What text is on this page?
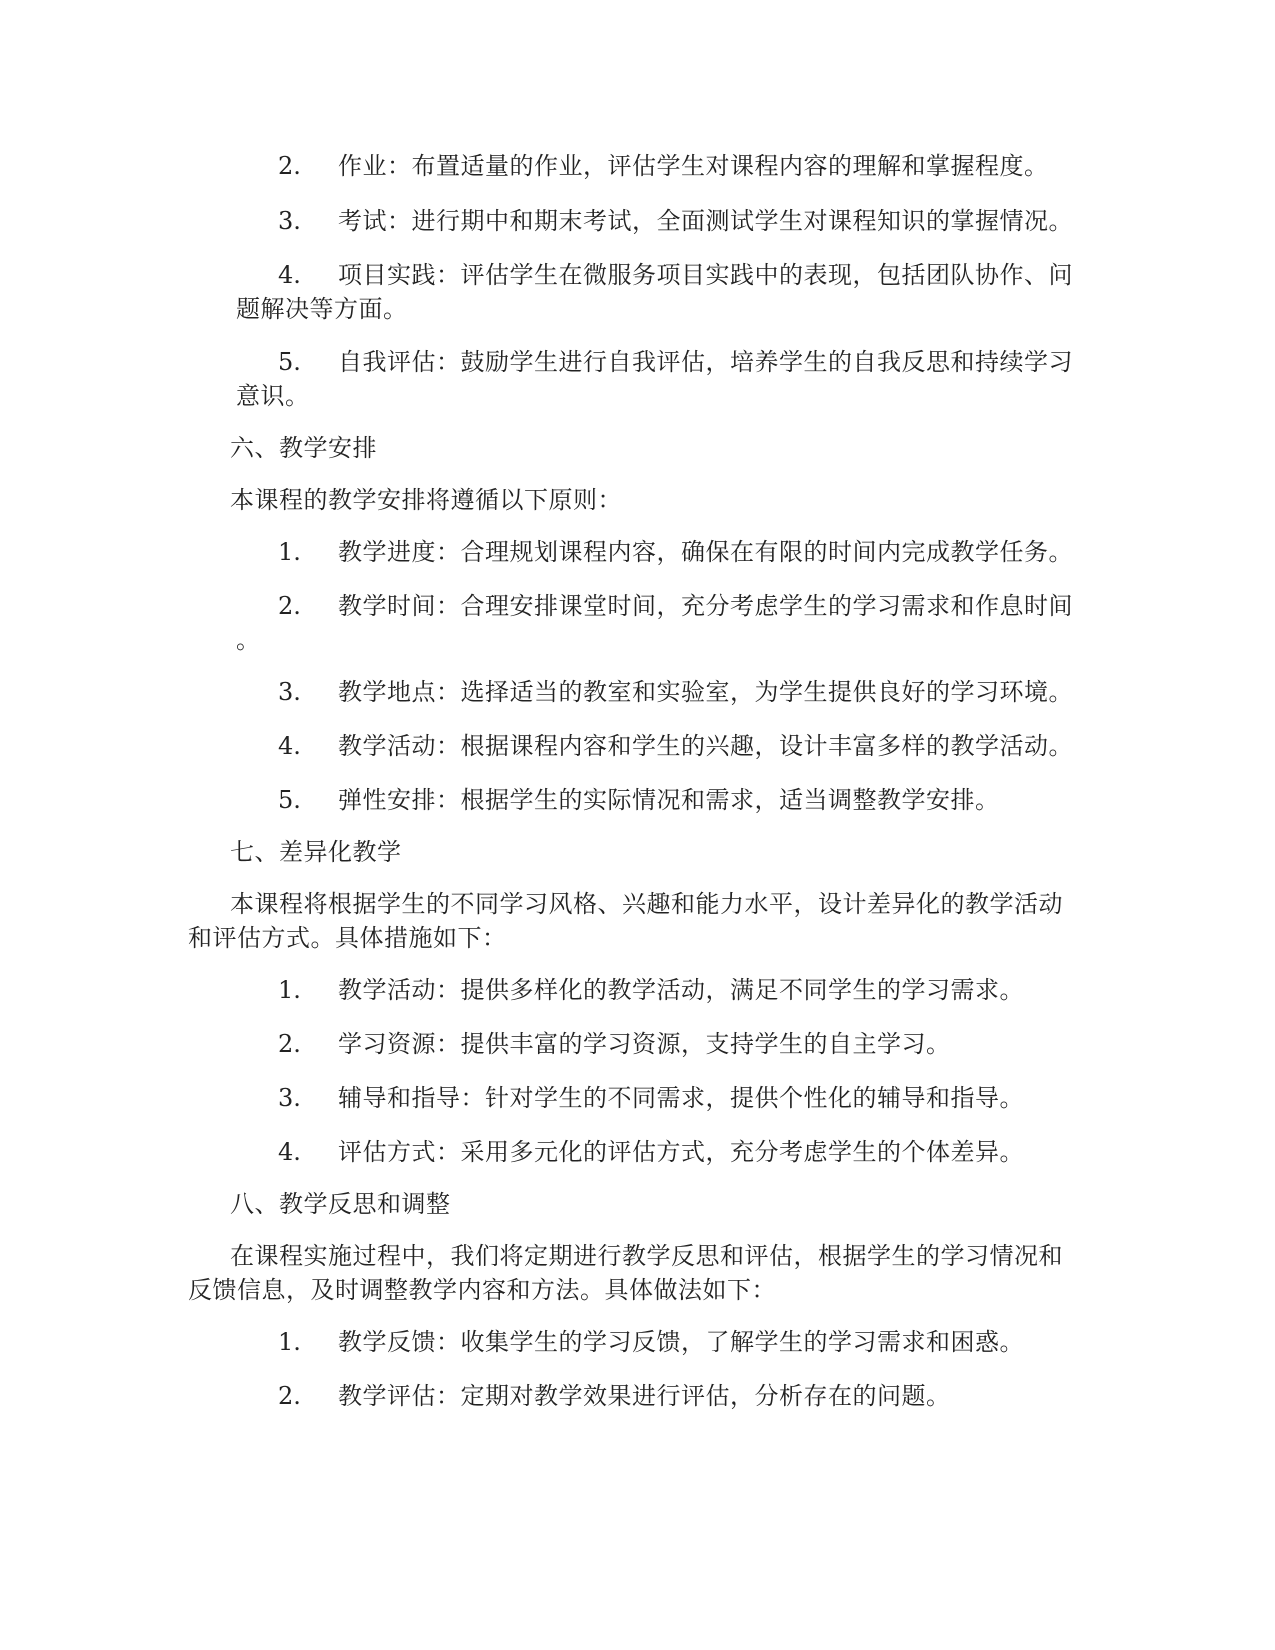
2. 作业：布置适量的作业，评估学生对课程内容的理解和掌握程度。
3. 考试：进行期中和期末考试，全面测试学生对课程知识的掌握情况。
4. 项目实践：评估学生在微服务项目实践中的表现，包括团队协作、问
题解决等方面。
5. 自我评估：鼓励学生进行自我评估，培养学生的自我反思和持续学习
意识。
六、教学安排
本课程的教学安排将遵循以下原则：
1. 教学进度：合理规划课程内容，确保在有限的时间内完成教学任务。
2. 教学时间：合理安排课堂时间，充分考虑学生的学习需求和作息时间
。
3. 教学地点：选择适当的教室和实验室，为学生提供良好的学习环境。
4. 教学活动：根据课程内容和学生的兴趣，设计丰富多样的教学活动。
5. 弹性安排：根据学生的实际情况和需求，适当调整教学安排。
七、差异化教学
本课程将根据学生的不同学习风格、兴趣和能力水平，设计差异化的教学活动
和评估方式。具体措施如下：
1. 教学活动：提供多样化的教学活动，满足不同学生的学习需求。
2. 学习资源：提供丰富的学习资源，支持学生的自主学习。
3. 辅导和指导：针对学生的不同需求，提供个性化的辅导和指导。
4. 评估方式：采用多元化的评估方式，充分考虑学生的个体差异。
八、教学反思和调整
在课程实施过程中，我们将定期进行教学反思和评估，根据学生的学习情况和
反馈信息，及时调整教学内容和方法。具体做法如下：
1. 教学反馈：收集学生的学习反馈，了解学生的学习需求和困惑。
2. 教学评估：定期对教学效果进行评估，分析存在的问题。
